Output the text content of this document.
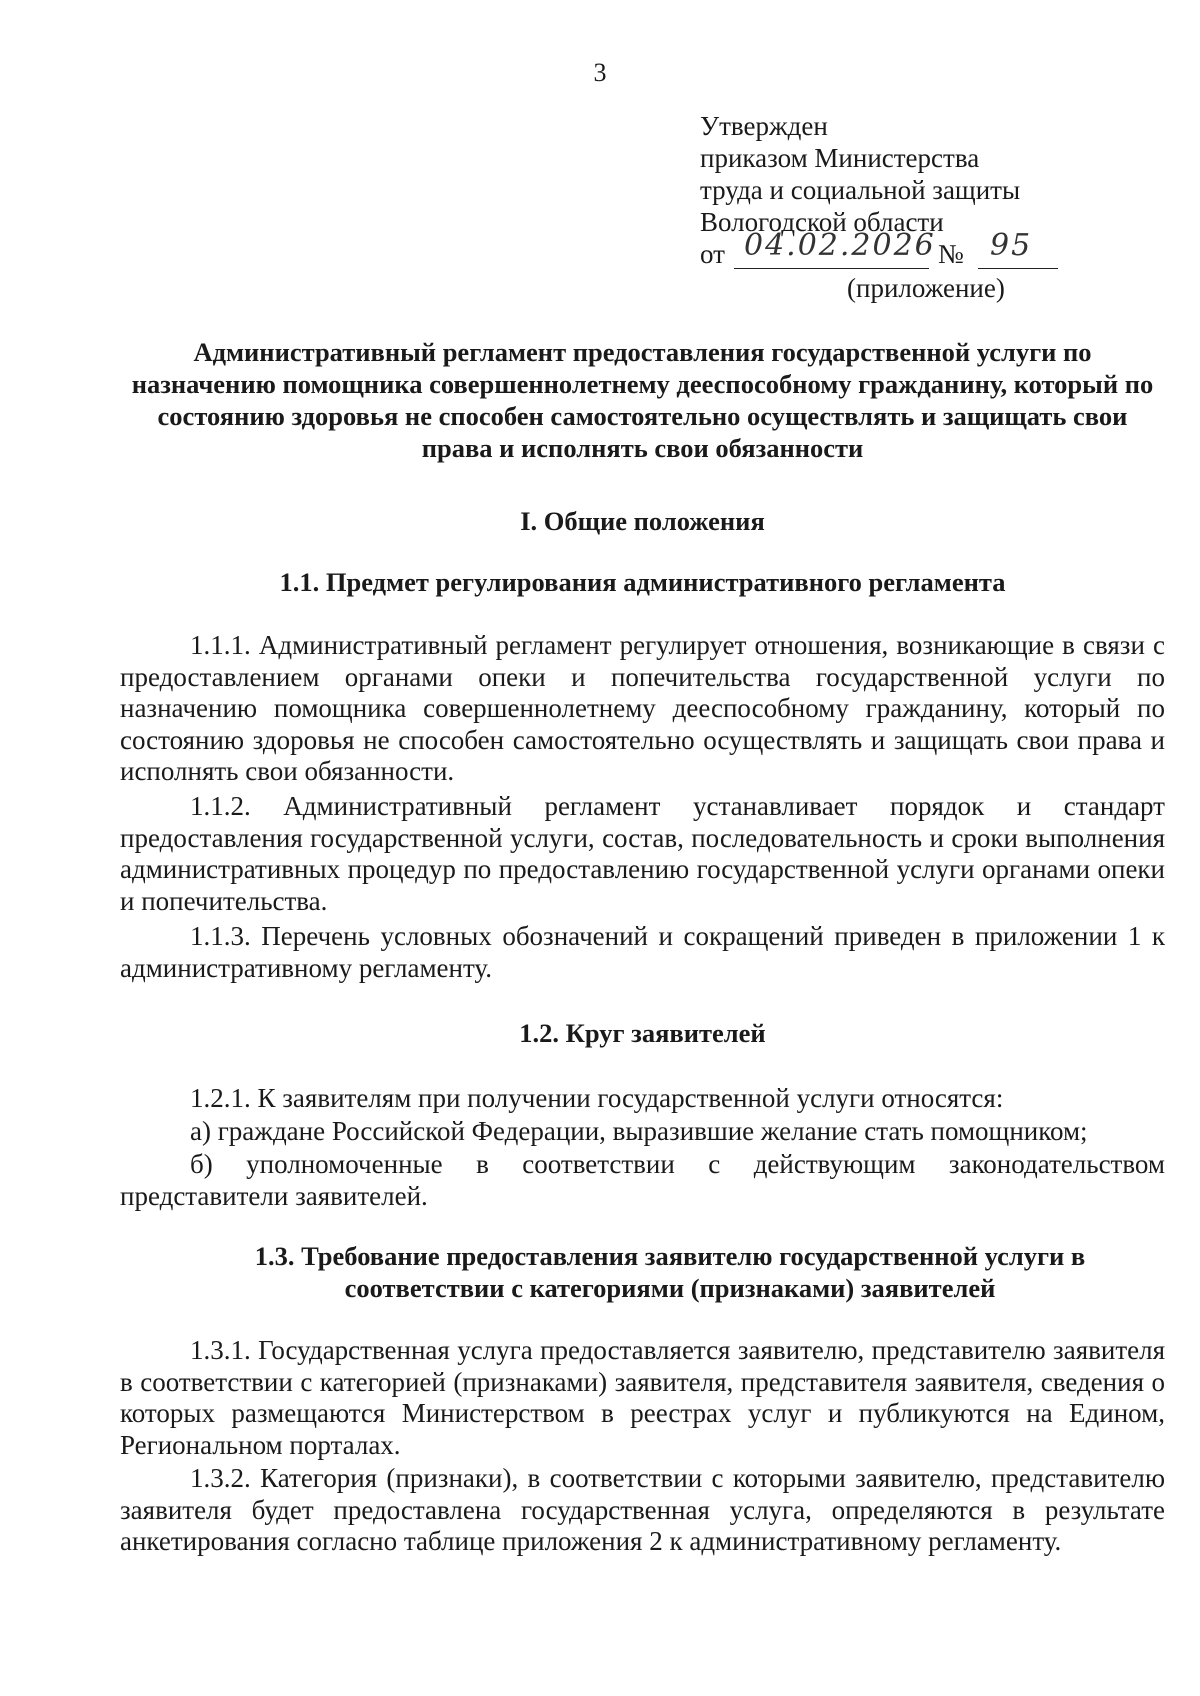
3
Утвержден
приказом Министерства
труда и социальной защиты
Вологодской области
от 04.02.2026 № 95
(приложение)
Административный регламент предоставления государственной услуги по назначению помощника совершеннолетнему дееспособному гражданину, который по состоянию здоровья не способен самостоятельно осуществлять и защищать свои права и исполнять свои обязанности
I. Общие положения
1.1. Предмет регулирования административного регламента
1.1.1. Административный регламент регулирует отношения, возникающие в связи с предоставлением органами опеки и попечительства государственной услуги по назначению помощника совершеннолетнему дееспособному гражданину, который по состоянию здоровья не способен самостоятельно осуществлять и защищать свои права и исполнять свои обязанности.
1.1.2. Административный регламент устанавливает порядок и стандарт предоставления государственной услуги, состав, последовательность и сроки выполнения административных процедур по предоставлению государственной услуги органами опеки и попечительства.
1.1.3. Перечень условных обозначений и сокращений приведен в приложении 1 к административному регламенту.
1.2. Круг заявителей
1.2.1. К заявителям при получении государственной услуги относятся:
а) граждане Российской Федерации, выразившие желание стать помощником;
б) уполномоченные в соответствии с действующим законодательством представители заявителей.
1.3. Требование предоставления заявителю государственной услуги в соответствии с категориями (признаками) заявителей
1.3.1. Государственная услуга предоставляется заявителю, представителю заявителя в соответствии с категорией (признаками) заявителя, представителя заявителя, сведения о которых размещаются Министерством в реестрах услуг и публикуются на Едином, Региональном порталах.
1.3.2. Категория (признаки), в соответствии с которыми заявителю, представителю заявителя будет предоставлена государственная услуга, определяются в результате анкетирования согласно таблице приложения 2 к административному регламенту.
